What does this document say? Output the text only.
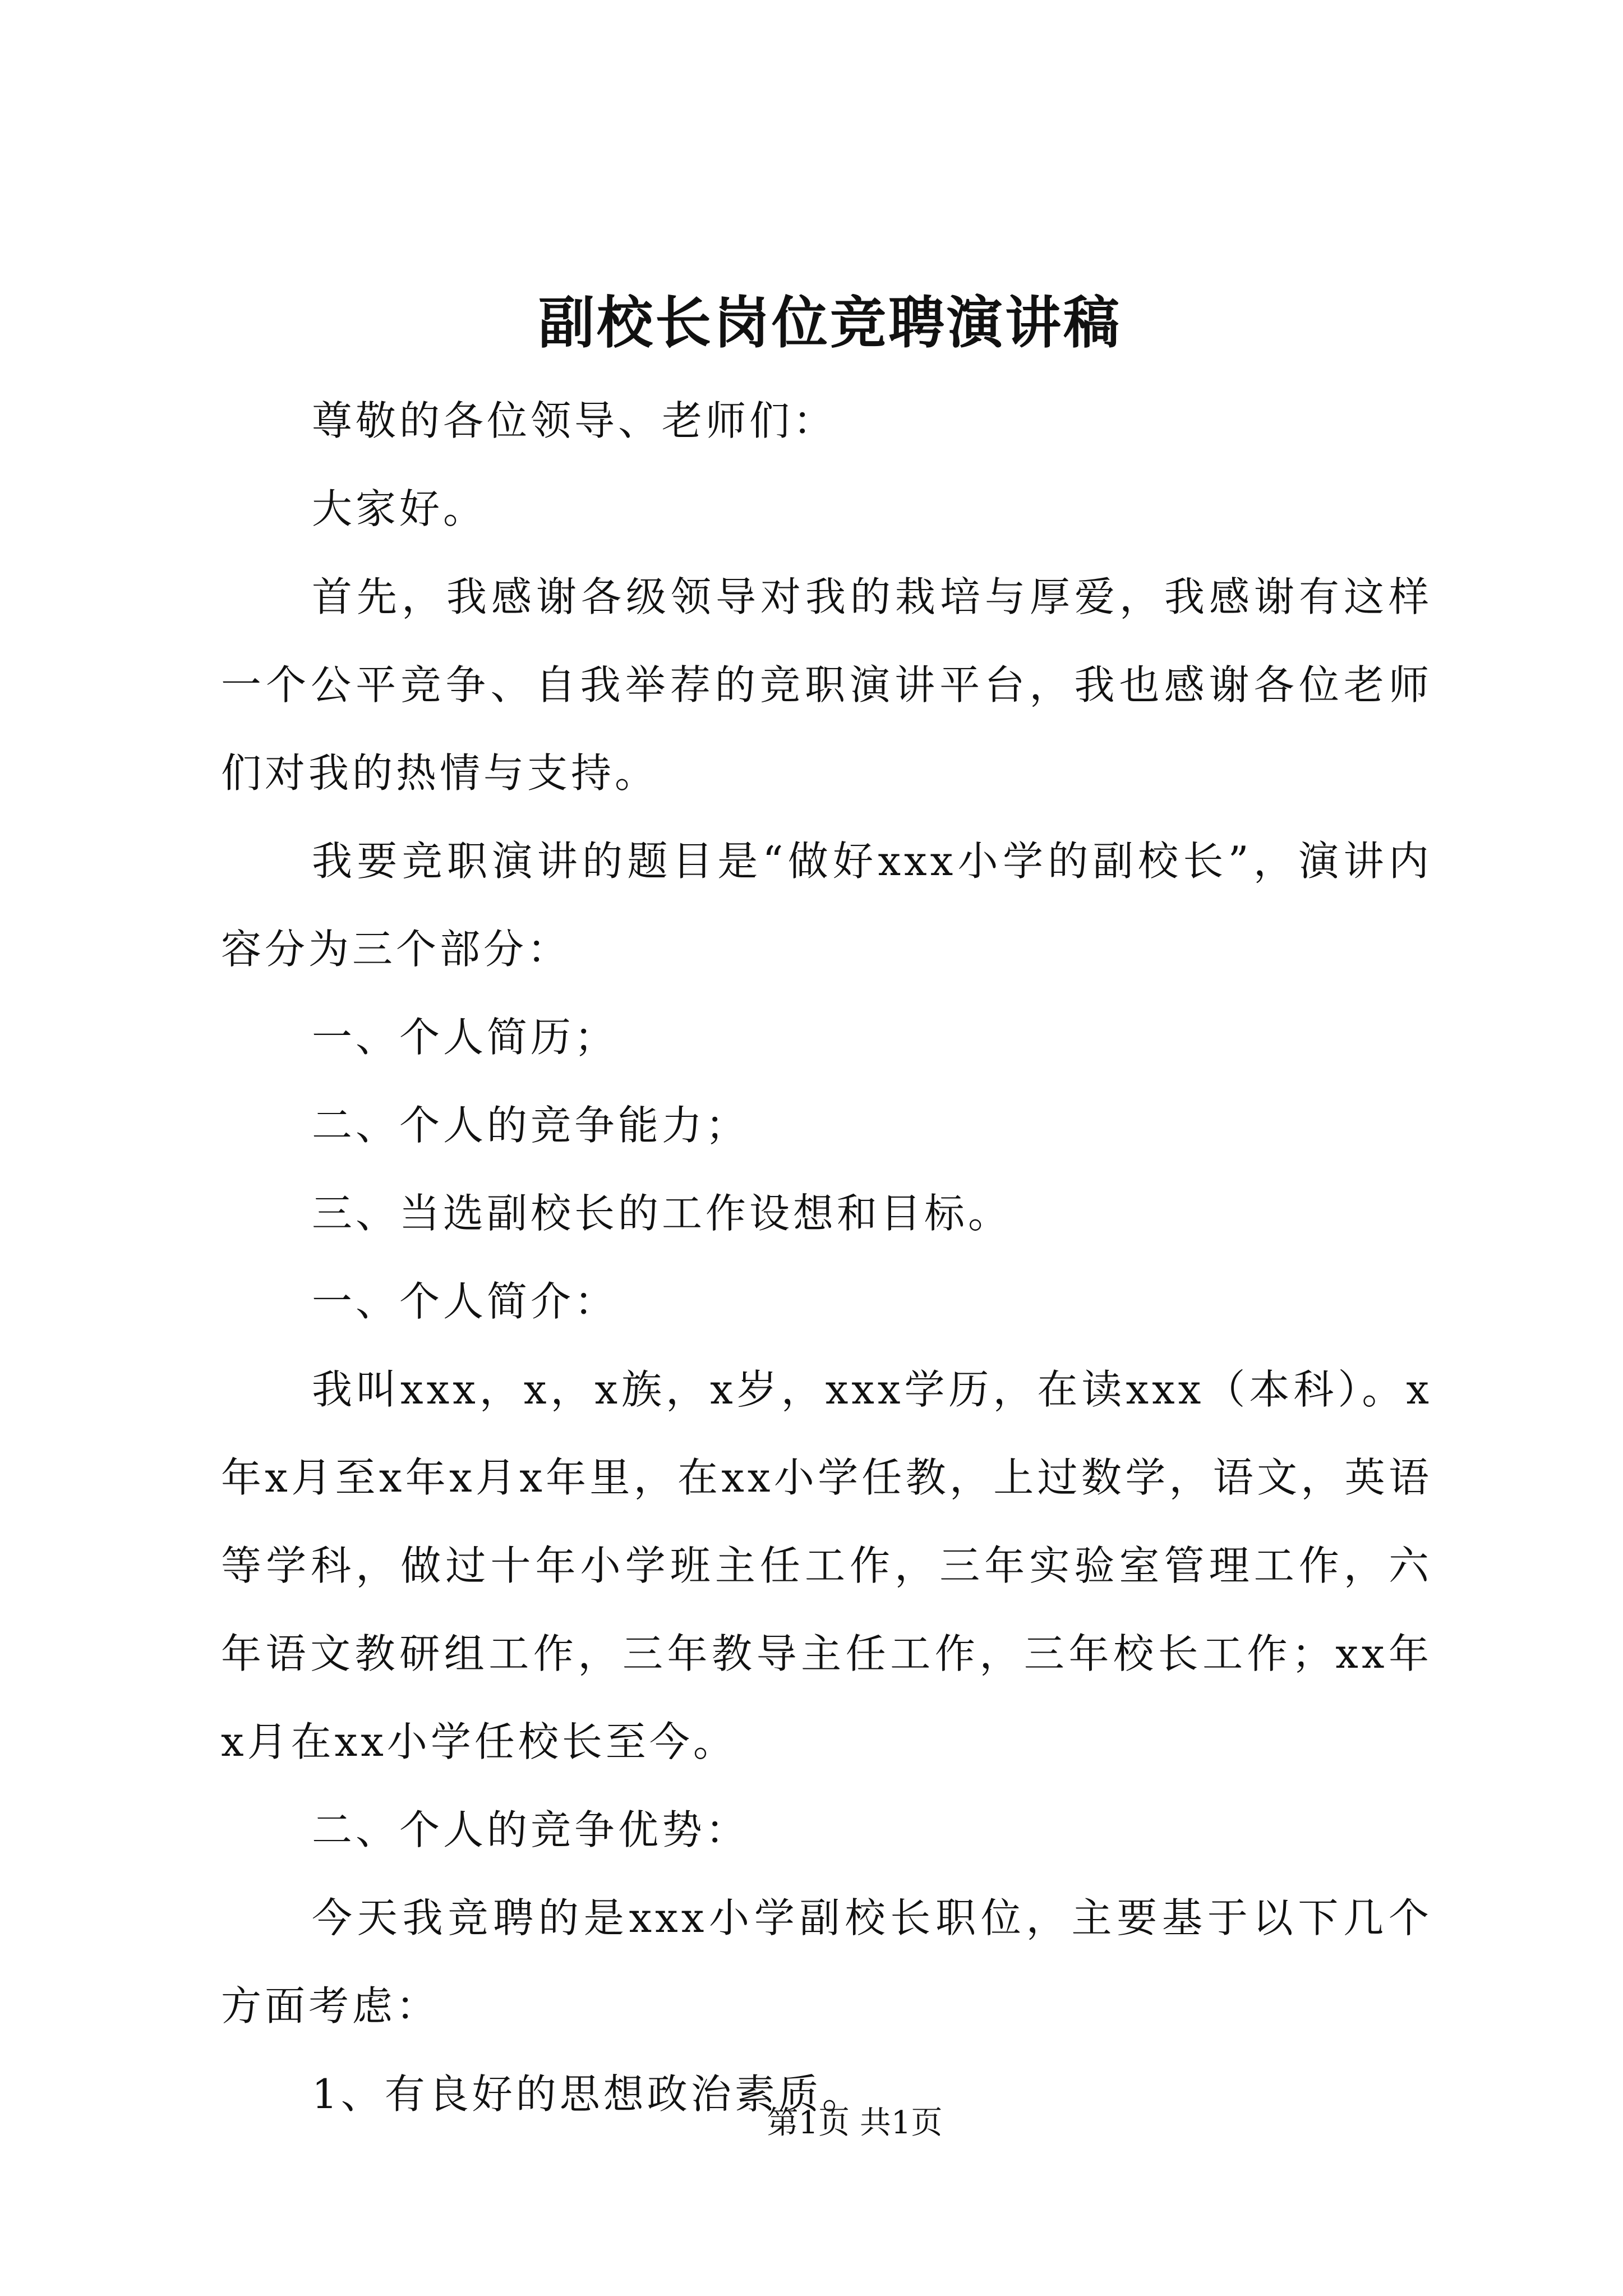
副校长岗位竞聘演讲稿

尊敬的各位领导、老师们：

大家好。

首先，我感谢各级领导对我的栽培与厚爱，我感谢有这样一个公平竞争、自我举荐的竞职演讲平台，我也感谢各位老师们对我的热情与支持。

我要竞职演讲的题目是“做好xxx小学的副校长”，演讲内容分为三个部分：

一、个人简历；

二、个人的竞争能力；

三、当选副校长的工作设想和目标。

一、个人简介：

我叫xxx，x，x族，x岁，xxx学历，在读xxx（本科）。x年x月至x年x月x年里，在xx小学任教，上过数学，语文，英语等学科，做过十年小学班主任工作，三年实验室管理工作，六年语文教研组工作，三年教导主任工作，三年校长工作；xx年x月在xx小学任校长至今。

二、个人的竞争优势：

今天我竞聘的是xxx小学副校长职位，主要基于以下几个方面考虑：

1、有良好的思想政治素质。

第1页 共1页
